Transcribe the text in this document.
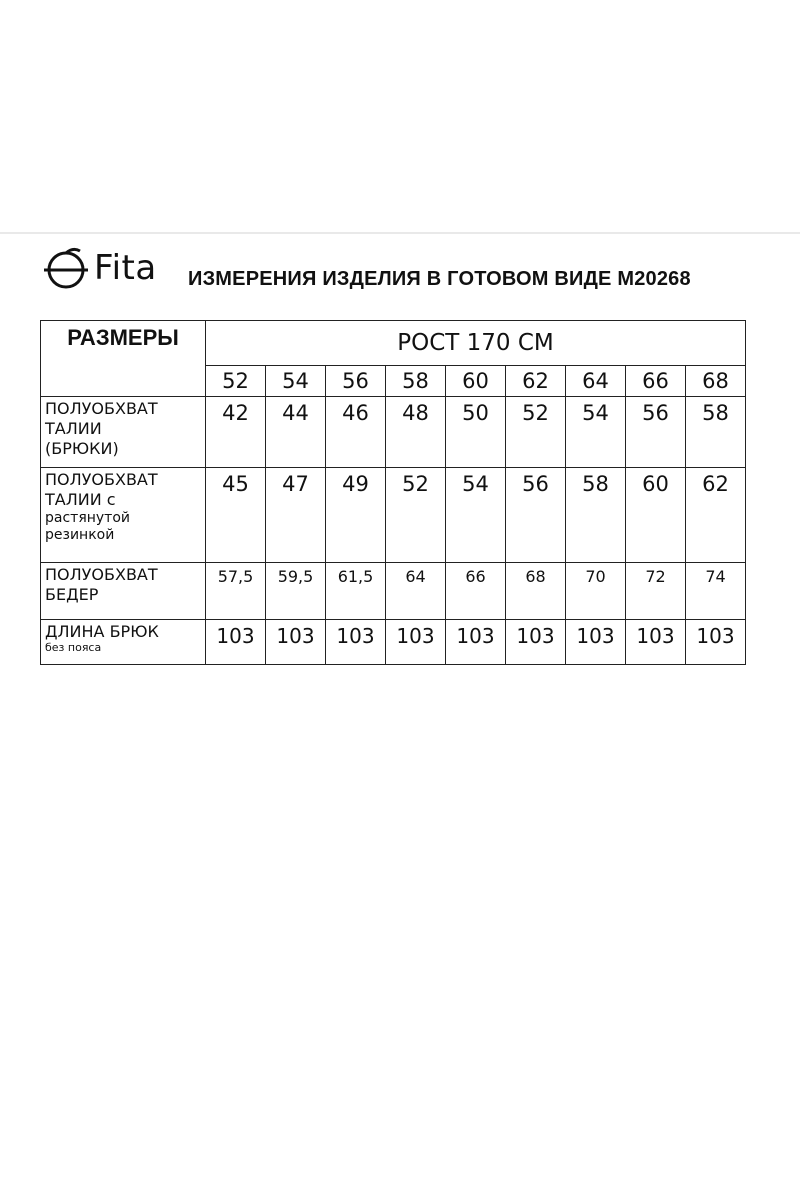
Fita ИЗМЕРЕНИЯ ИЗДЕЛИЯ В ГОТОВОМ ВИДЕ М20268
РАЗМЕРЫ	РОСТ 170 СМ								
	52	54	56	58	60	62	64	66	68

ПОЛУОБХВАТ
ТАЛИИ
(БРЮКИ)	42	44	46	48	50	52	54	56	58

ПОЛУОБХВАТ
ТАЛИИ с
растянутой
резинкой	45	47	49	52	54	56	58	60	62

ПОЛУОБХВАТ
БЕДЕР	57,5	59,5	61,5	64	66	68	70	72	74

ДЛИНА БРЮК
без пояса	103	103	103	103	103	103	103	103	103
